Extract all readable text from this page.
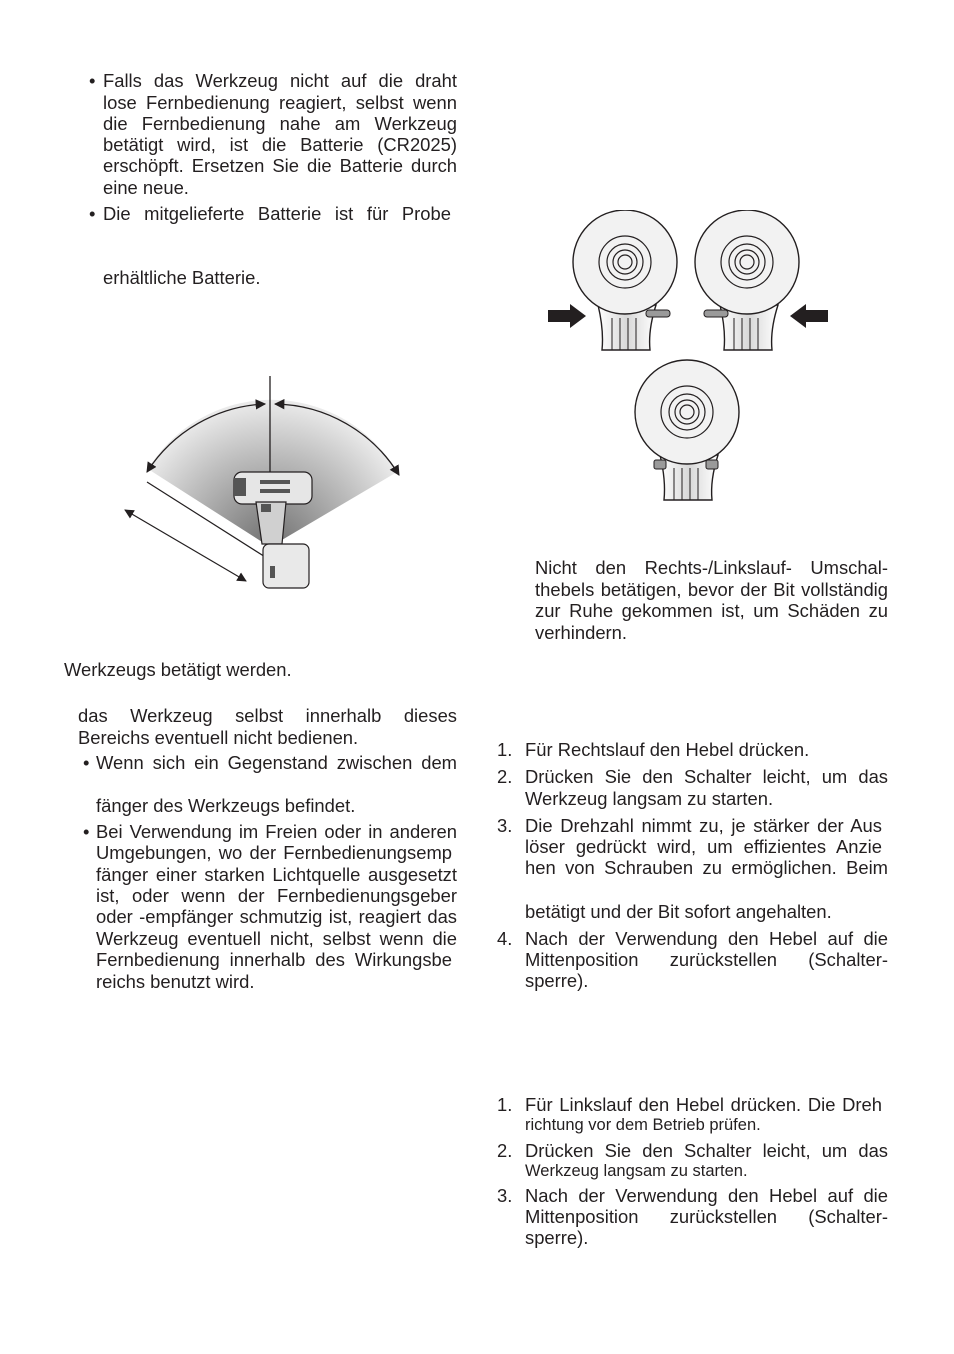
• Falls das Werkzeug nicht auf die draht
lose Fernbedienung reagiert, selbst wenn
die Fernbedienung nahe am Werkzeug
betätigt wird, ist die Batterie (CR2025)
erschöpft. Ersetzen Sie die Batterie durch
eine neue.
• Die mitgelieferte Batterie ist für Probe
erhältliche Batterie.
Werkzeugs betätigt werden.
das Werkzeug selbst innerhalb dieses
Bereichs eventuell nicht bedienen.
• Wenn sich ein Gegenstand zwischen dem
fänger des Werkzeugs befindet.
• Bei Verwendung im Freien oder in anderen
Umgebungen, wo der Fernbedienungsemp
fänger einer starken Lichtquelle ausgesetzt
ist, oder wenn der Fernbedienungsgeber
oder -empfänger schmutzig ist, reagiert das
Werkzeug eventuell nicht, selbst wenn die
Fernbedienung innerhalb des Wirkungsbe
reichs benutzt wird.
Nicht den Rechts-/Linkslauf- Umschal-
thebels betätigen, bevor der Bit vollständig
zur Ruhe gekommen ist, um Schäden zu
verhindern.
1. Für Rechtslauf den Hebel drücken.
2. Drücken Sie den Schalter leicht, um das
Werkzeug langsam zu starten.
3. Die Drehzahl nimmt zu, je stärker der Aus
löser gedrückt wird, um effizientes Anzie
hen von Schrauben zu ermöglichen. Beim
betätigt und der Bit sofort angehalten.
4. Nach der Verwendung den Hebel auf die
Mittenposition zurückstellen (Schalter-
sperre).
1. Für Linkslauf den Hebel drücken. Die Dreh
richtung vor dem Betrieb prüfen.
2. Drücken Sie den Schalter leicht, um das
Werkzeug langsam zu starten.
3. Nach der Verwendung den Hebel auf die
Mittenposition zurückstellen (Schalter-
sperre).
